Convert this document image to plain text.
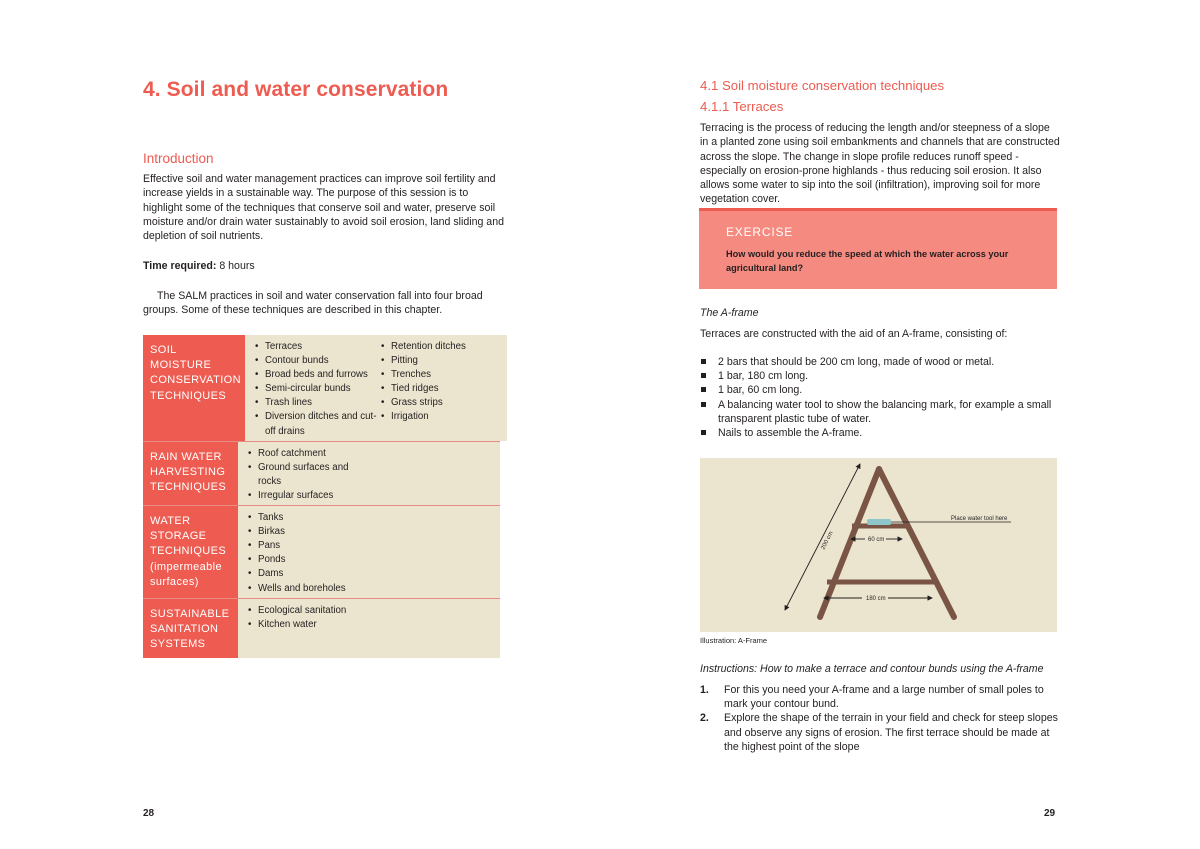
4. Soil and water conservation
Introduction

Effective soil and water management practices can improve soil fertility and increase yields in a sustainable way. The purpose of this session is to highlight some of the techniques that conserve soil and water, preserve soil moisture and/or drain water sustainably to avoid soil erosion, land sliding and depletion of soil nutrients.

Time required: 8 hours

The SALM practices in soil and water conservation fall into four broad groups. Some of these techniques are described in this chapter.

SOIL MOISTURE CONSERVATION TECHNIQUES
• Terraces
• Contour bunds
• Broad beds and furrows
• Semi-circular bunds
• Trash lines
• Diversion ditches and cut-off drains
• Retention ditches
• Pitting
• Trenches
• Tied ridges
• Grass strips
• Irrigation
RAIN WATER HARVESTING TECHNIQUES
• Roof catchment
• Ground surfaces and rocks
• Irregular surfaces
WATER STORAGE TECHNIQUES (impermeable surfaces)
• Tanks
• Birkas
• Pans
• Ponds
• Dams
• Wells and boreholes
SUSTAINABLE SANITATION SYSTEMS
• Ecological sanitation
• Kitchen water
28
4.1 Soil moisture conservation techniques
4.1.1 Terraces

Terracing is the process of reducing the length and/or steepness of a slope in a planted zone using soil embankments and channels that are constructed across the slope. The change in slope profile reduces runoff speed - especially on erosion-prone highlands - thus reducing soil erosion. It also allows some water to sip into the soil (infiltration), improving soil for more vegetation cover.

EXERCISE
How would you reduce the speed at which the water across your agricultural land?
The A-frame

Terraces are constructed with the aid of an A-frame, consisting of:

2 bars that should be 200 cm long, made of wood or metal.
1 bar, 180 cm long.
1 bar, 60 cm long.
A balancing water tool to show the balancing mark, for example a small transparent plastic tube of water.
Nails to assemble the A-frame.
Place water tool here
60 cm
180 cm
200 cm
Illustration: A-Frame
Instructions: How to make a terrace and contour bunds using the A-frame
1. For this you need your A-frame and a large number of small poles to mark your contour bund.
2. Explore the shape of the terrain in your field and check for steep slopes and observe any signs of erosion. The first terrace should be made at the highest point of the slope
29
